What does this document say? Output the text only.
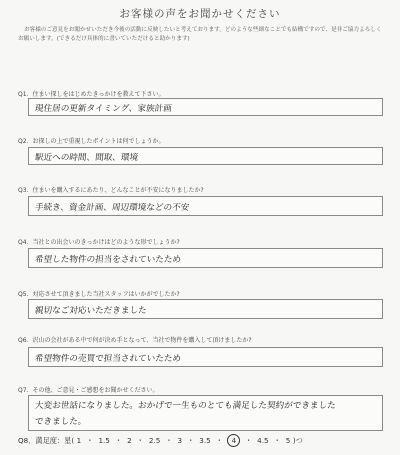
お客様の声をお聞かせください
お客様のご意見をお聞かせいただき今後の活動に反映したいと考えております。どのような些細なことでも結構ですので、是非ご協力よろしくお願いします。(できるだけ具体的に書いていただけると助かります)
Q1．住まい探しをはじめたきっかけを教えて下さい。
現住居の更新タイミング、家族計画
Q2．お探しの上で重視したポイントは何でしょうか。
駅近への時間、間取、環境
Q3．住まいを購入するにあたり、どんなことが不安になりましたか?
手続き、資金計画、周辺環境などの不安
Q4．当社との出会いのきっかけはどのような形でしょうか?
希望した物件の担当をされていたため
Q5．対応させて頂きました当社スタッフはいかがでしたか?
親切なご対応いただきました
Q6．沢山の会社がある中で何が決め手となって、当社で物件を購入して頂けましたか?
希望物件の売買で担当されていたため
Q7．その他、ご意見・ご感想をお聞かせください。
大変お世話になりました。おかげで一生ものとても満足した契約ができました
できました。
Q8．満足度：星( 1 ・ 1.5 ・ 2 ・ 2.5 ・ 3 ・ 3.5 ・ 4 ・ 4.5 ・ 5 )つ
